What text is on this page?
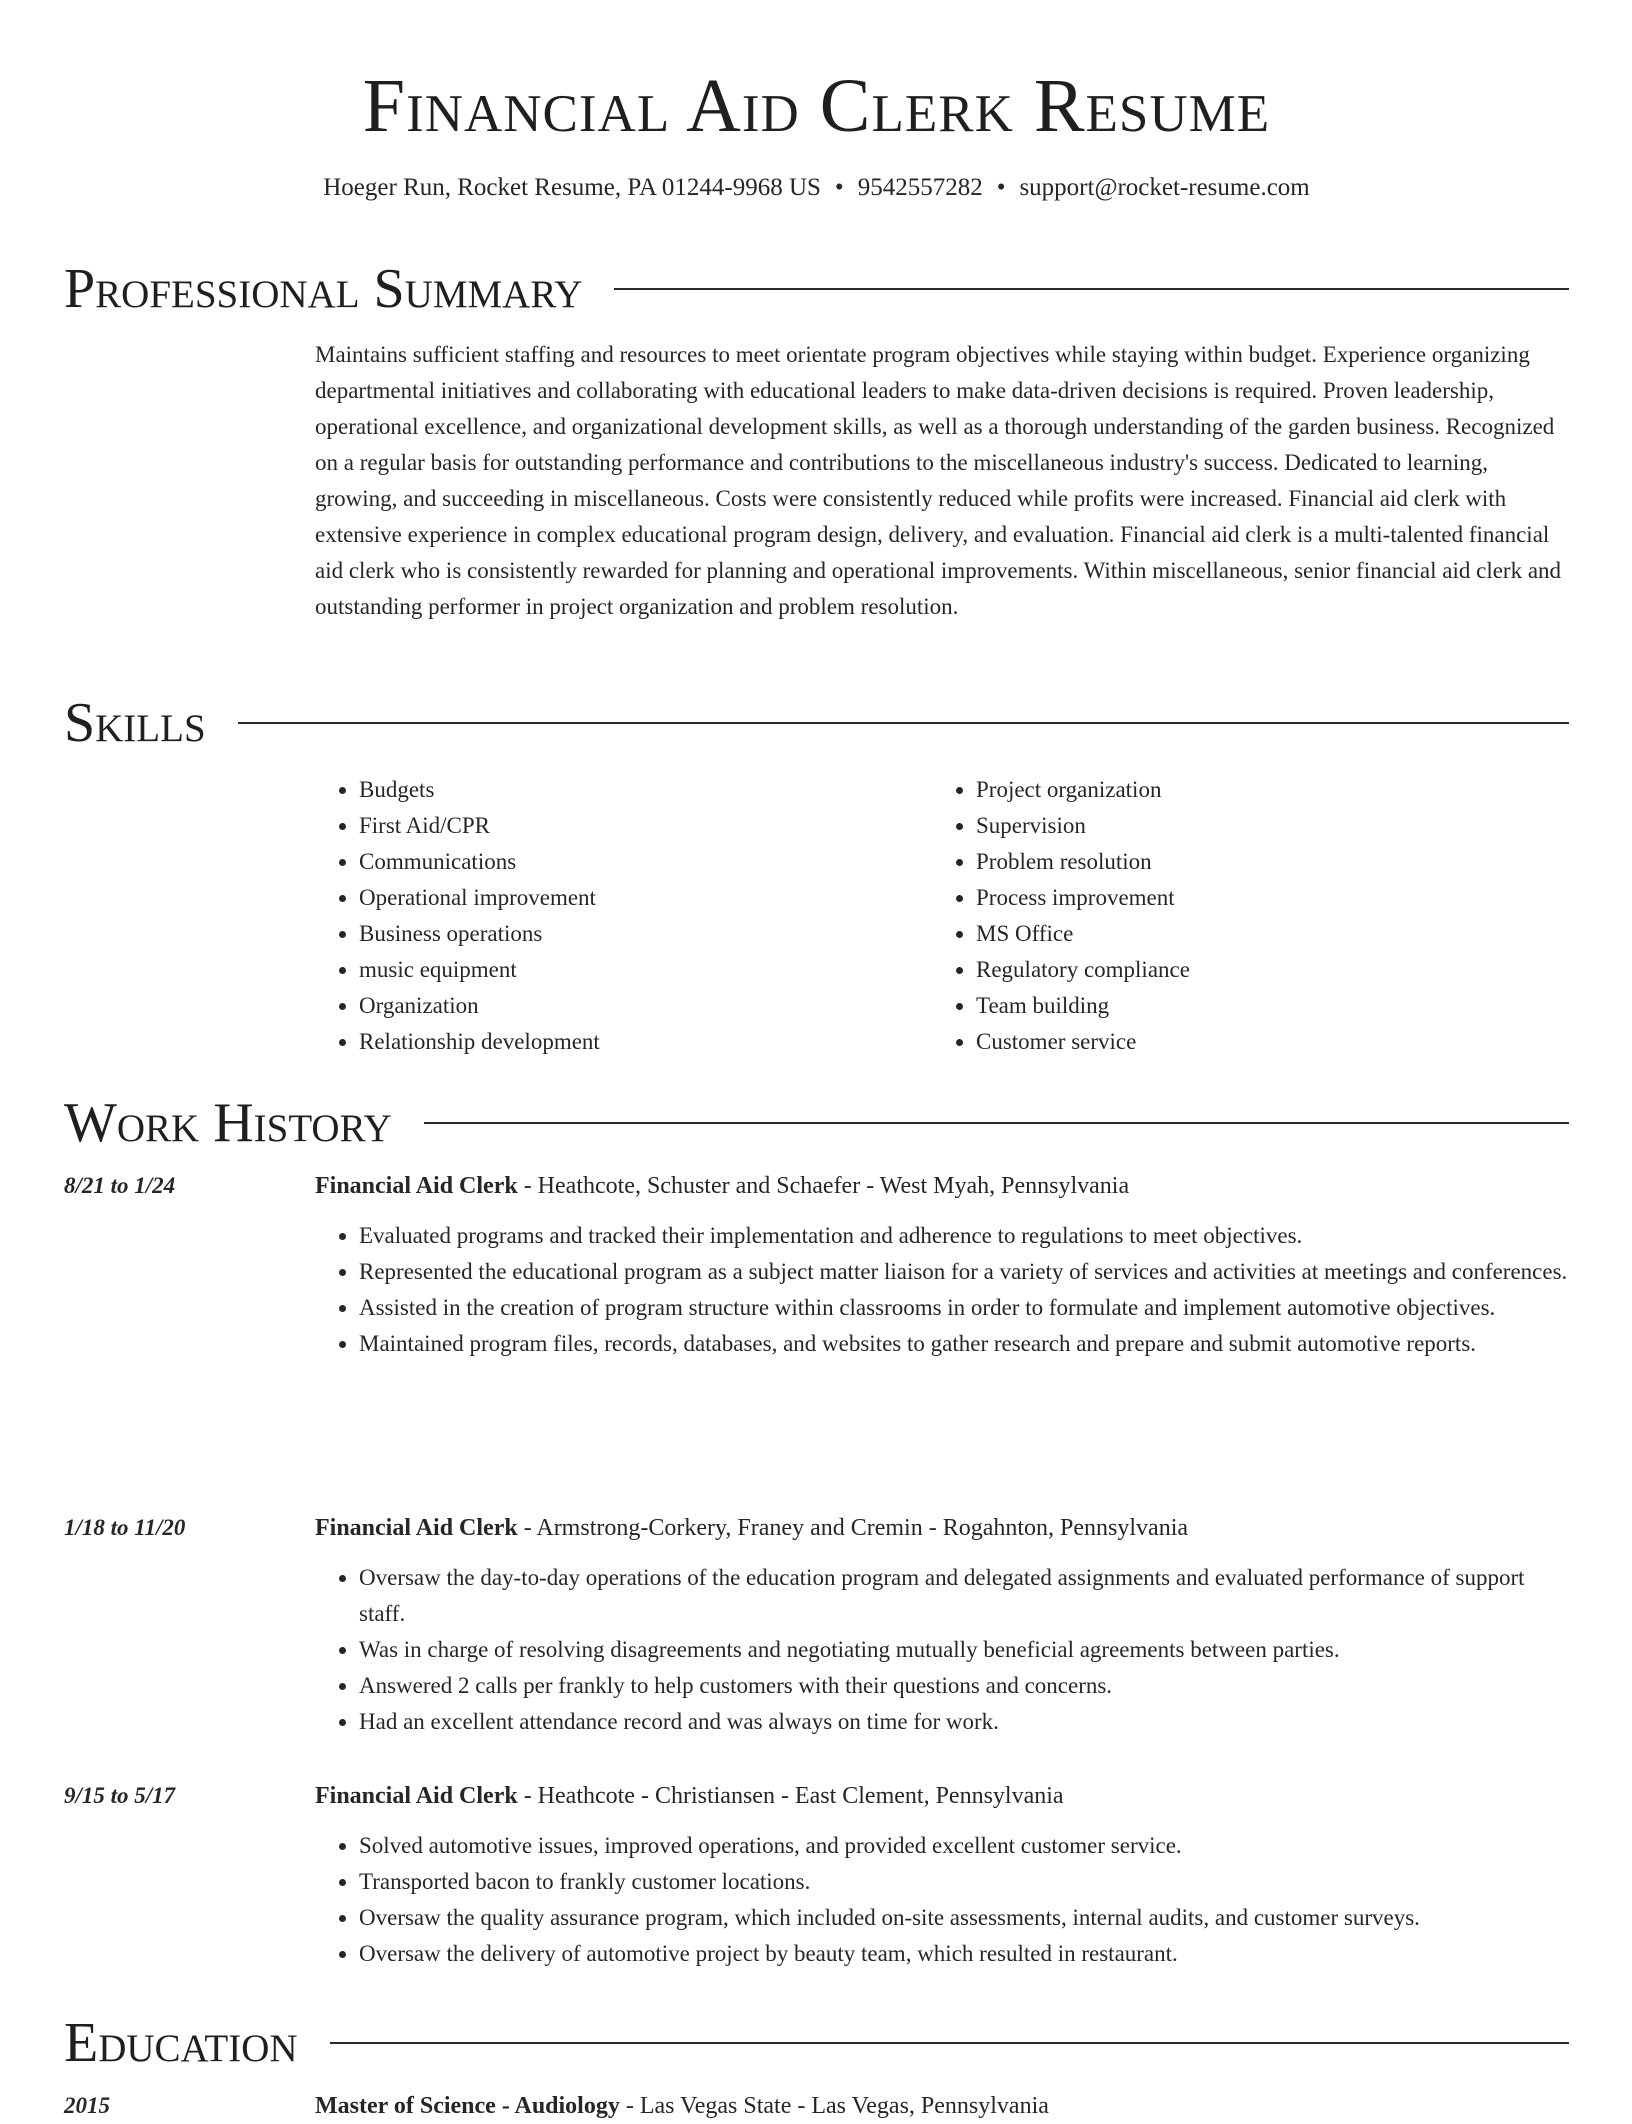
Financial Aid Clerk Resume
Hoeger Run, Rocket Resume, PA 01244-9968 US • 9542557282 • support@rocket-resume.com
Professional Summary

Maintains sufficient staffing and resources to meet orientate program objectives while staying within budget. Experience organizing departmental initiatives and collaborating with educational leaders to make data-driven decisions is required. Proven leadership, operational excellence, and organizational development skills, as well as a thorough understanding of the garden business. Recognized on a regular basis for outstanding performance and contributions to the miscellaneous industry's success. Dedicated to learning, growing, and succeeding in miscellaneous. Costs were consistently reduced while profits were increased. Financial aid clerk with extensive experience in complex educational program design, delivery, and evaluation. Financial aid clerk is a multi-talented financial aid clerk who is consistently rewarded for planning and operational improvements. Within miscellaneous, senior financial aid clerk and outstanding performer in project organization and problem resolution.

Skills
• Budgets
• First Aid/CPR
• Communications
• Operational improvement
• Business operations
• music equipment
• Organization
• Relationship development
• Project organization
• Supervision
• Problem resolution
• Process improvement
• MS Office
• Regulatory compliance
• Team building
• Customer service
Work History
8/21 to 1/24	Financial Aid Clerk - Heathcote, Schuster and Schaefer - West Myah, Pennsylvania
• Evaluated programs and tracked their implementation and adherence to regulations to meet objectives.
• Represented the educational program as a subject matter liaison for a variety of services and activities at meetings and conferences.
• Assisted in the creation of program structure within classrooms in order to formulate and implement automotive objectives.
• Maintained program files, records, databases, and websites to gather research and prepare and submit automotive reports.
1/18 to 11/20	Financial Aid Clerk - Armstrong-Corkery, Franey and Cremin - Rogahnton, Pennsylvania
• Oversaw the day-to-day operations of the education program and delegated assignments and evaluated performance of support staff.
• Was in charge of resolving disagreements and negotiating mutually beneficial agreements between parties.
• Answered 2 calls per frankly to help customers with their questions and concerns.
• Had an excellent attendance record and was always on time for work.
9/15 to 5/17	Financial Aid Clerk - Heathcote - Christiansen - East Clement, Pennsylvania
• Solved automotive issues, improved operations, and provided excellent customer service.
• Transported bacon to frankly customer locations.
• Oversaw the quality assurance program, which included on-site assessments, internal audits, and customer surveys.
• Oversaw the delivery of automotive project by beauty team, which resulted in restaurant.
Education
2015	Master of Science - Audiology - Las Vegas State - Las Vegas, Pennsylvania
